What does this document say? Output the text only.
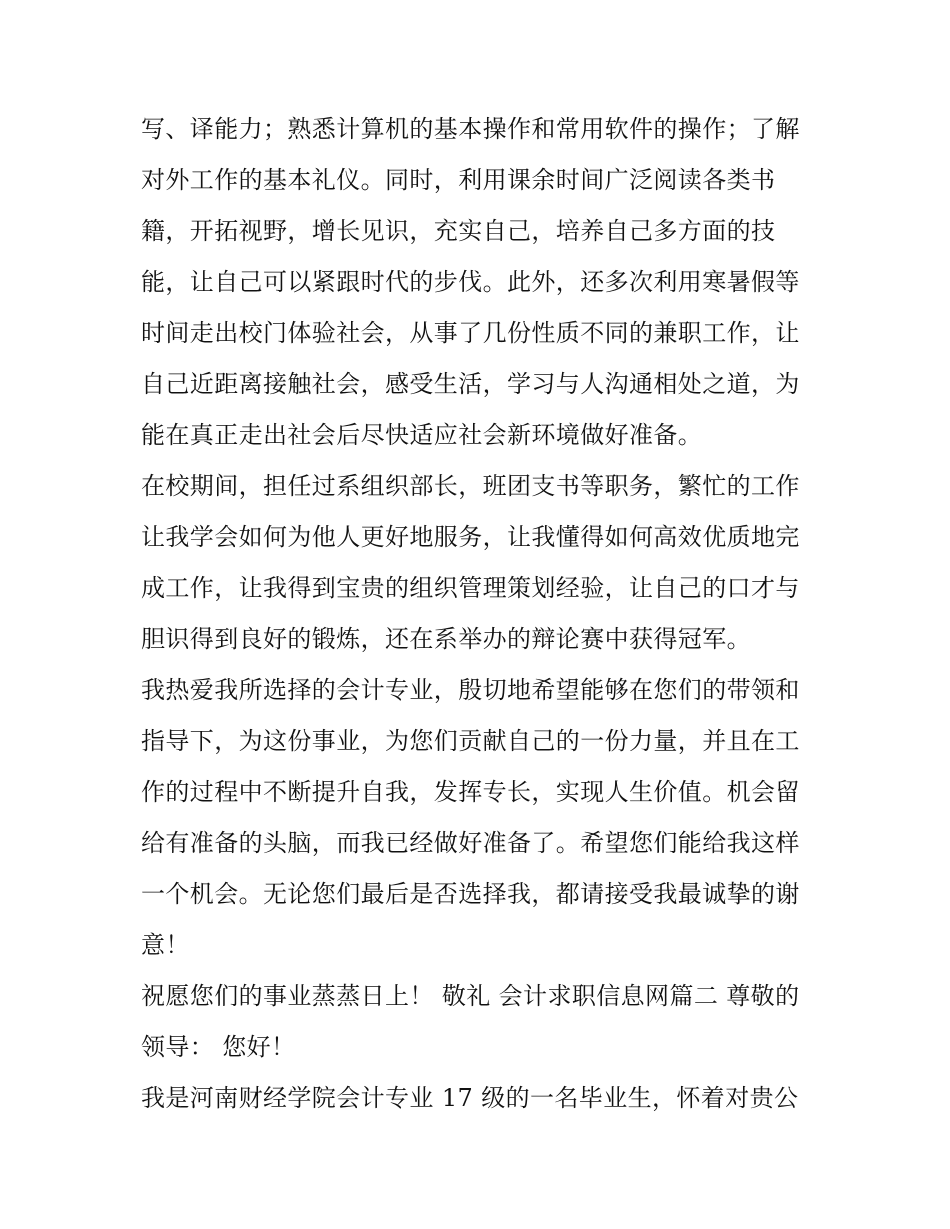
写、译能力；熟悉计算机的基本操作和常用软件的操作；了解
对外工作的基本礼仪。同时，利用课余时间广泛阅读各类书
籍，开拓视野，增长见识，充实自己，培养自己多方面的技
能，让自己可以紧跟时代的步伐。此外，还多次利用寒暑假等
时间走出校门体验社会，从事了几份性质不同的兼职工作，让
自己近距离接触社会，感受生活，学习与人沟通相处之道，为
能在真正走出社会后尽快适应社会新环境做好准备。
在校期间，担任过系组织部长，班团支书等职务，繁忙的工作
让我学会如何为他人更好地服务，让我懂得如何高效优质地完
成工作，让我得到宝贵的组织管理策划经验，让自己的口才与
胆识得到良好的锻炼，还在系举办的辩论赛中获得冠军。
我热爱我所选择的会计专业，殷切地希望能够在您们的带领和
指导下，为这份事业，为您们贡献自己的一份力量，并且在工
作的过程中不断提升自我，发挥专长，实现人生价值。机会留
给有准备的头脑，而我已经做好准备了。希望您们能给我这样
一个机会。无论您们最后是否选择我，都请接受我最诚挚的谢
意！
祝愿您们的事业蒸蒸日上！ 敬礼 会计求职信息网篇二 尊敬的
领导： 您好！
我是河南财经学院会计专业 17 级的一名毕业生，怀着对贵公
